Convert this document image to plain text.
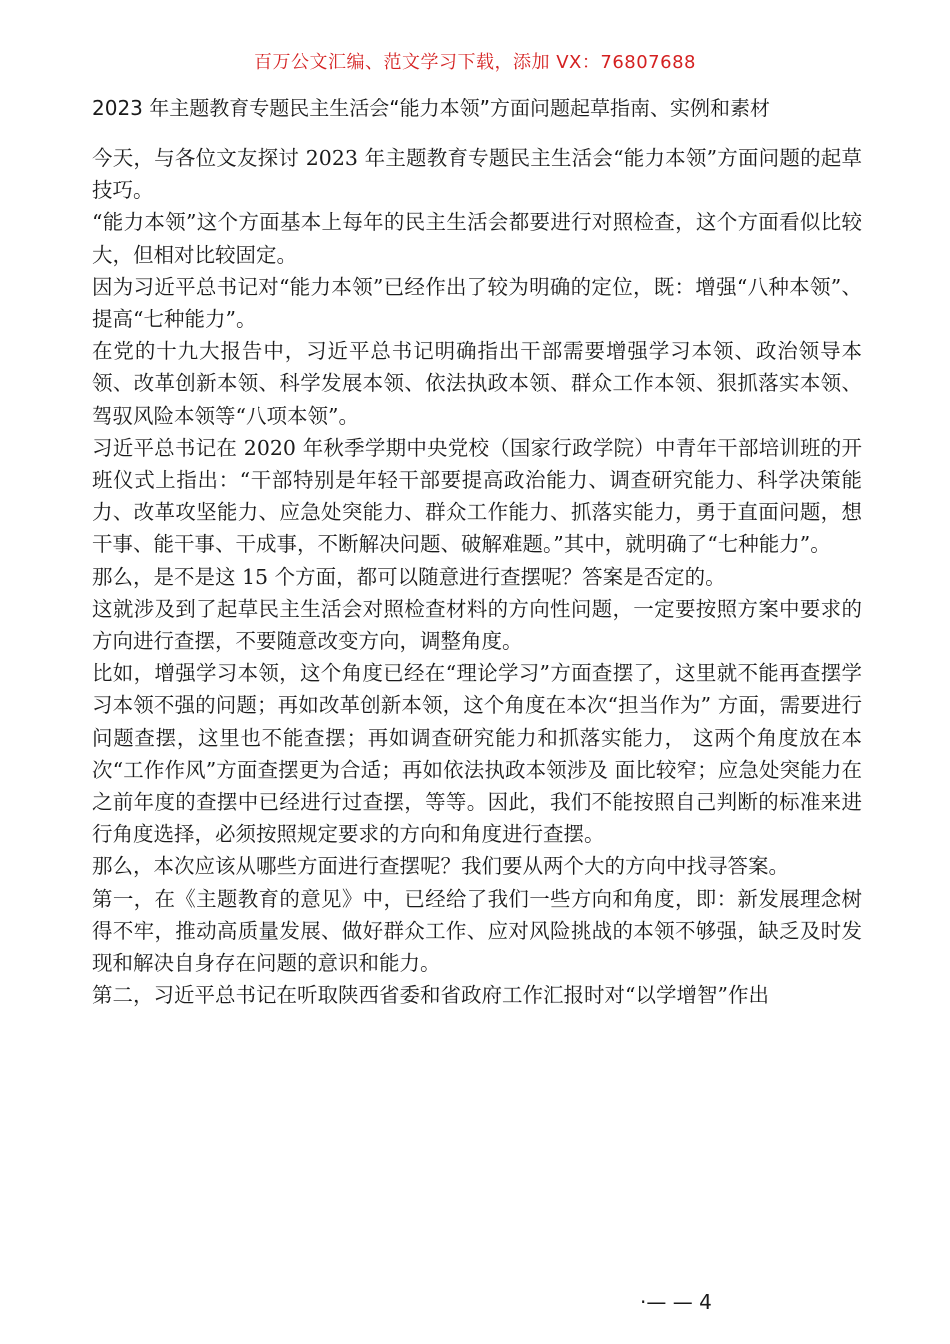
百万公文汇编、范文学习下载，添加 VX：76807688
2023 年主题教育专题民主生活会“能力本领”方面问题起草指南、实例和素材

今天，与各位文友探讨 2023 年主题教育专题民主生活会“能力本领”方面问题的起草技巧。

“能力本领”这个方面基本上每年的民主生活会都要进行对照检查，这个方面看似比较大，但相对比较固定。

因为习近平总书记对“能力本领”已经作出了较为明确的定位，既：增强“八种本领”、提高“七种能力”。

在党的十九大报告中，习近平总书记明确指出干部需要增强学习本领、政治领导本领、改革创新本领、科学发展本领、依法执政本领、群众工作本领、狠抓落实本领、驾驭风险本领等“八项本领”。

习近平总书记在 2020 年秋季学期中央党校（国家行政学院）中青年干部培训班的开班仪式上指出：“干部特别是年轻干部要提高政治能力、调查研究能力、科学决策能力、改革攻坚能力、应急处突能力、群众工作能力、抓落实能力，勇于直面问题，想干事、能干事、干成事，不断解决问题、破解难题。”其中，就明确了“七种能力”。

那么，是不是这 15 个方面，都可以随意进行查摆呢？答案是否定的。

这就涉及到了起草民主生活会对照检查材料的方向性问题，一定要按照方案中要求的方向进行查摆，不要随意改变方向，调整角度。

比如，增强学习本领，这个角度已经在“理论学习”方面查摆了，这里就不能再查摆学习本领不强的问题；再如改革创新本领，这个角度在本次“担当作为” 方面，需要进行问题查摆，这里也不能查摆；再如调查研究能力和抓落实能力， 这两个角度放在本次“工作作风”方面查摆更为合适；再如依法执政本领涉及 面比较窄；应急处突能力在之前年度的查摆中已经进行过查摆，等等。因此，我们不能按照自己判断的标准来进行角度选择，必须按照规定要求的方向和角度进行查摆。

那么，本次应该从哪些方面进行查摆呢？我们要从两个大的方向中找寻答案。

第一，在《主题教育的意见》中，已经给了我们一些方向和角度，即：新发展理念树得不牢，推动高质量发展、做好群众工作、应对风险挑战的本领不够强，缺乏及时发现和解决自身存在问题的意识和能力。

第二，习近平总书记在听取陕西省委和省政府工作汇报时对“以学增智”作出

·— — 4
